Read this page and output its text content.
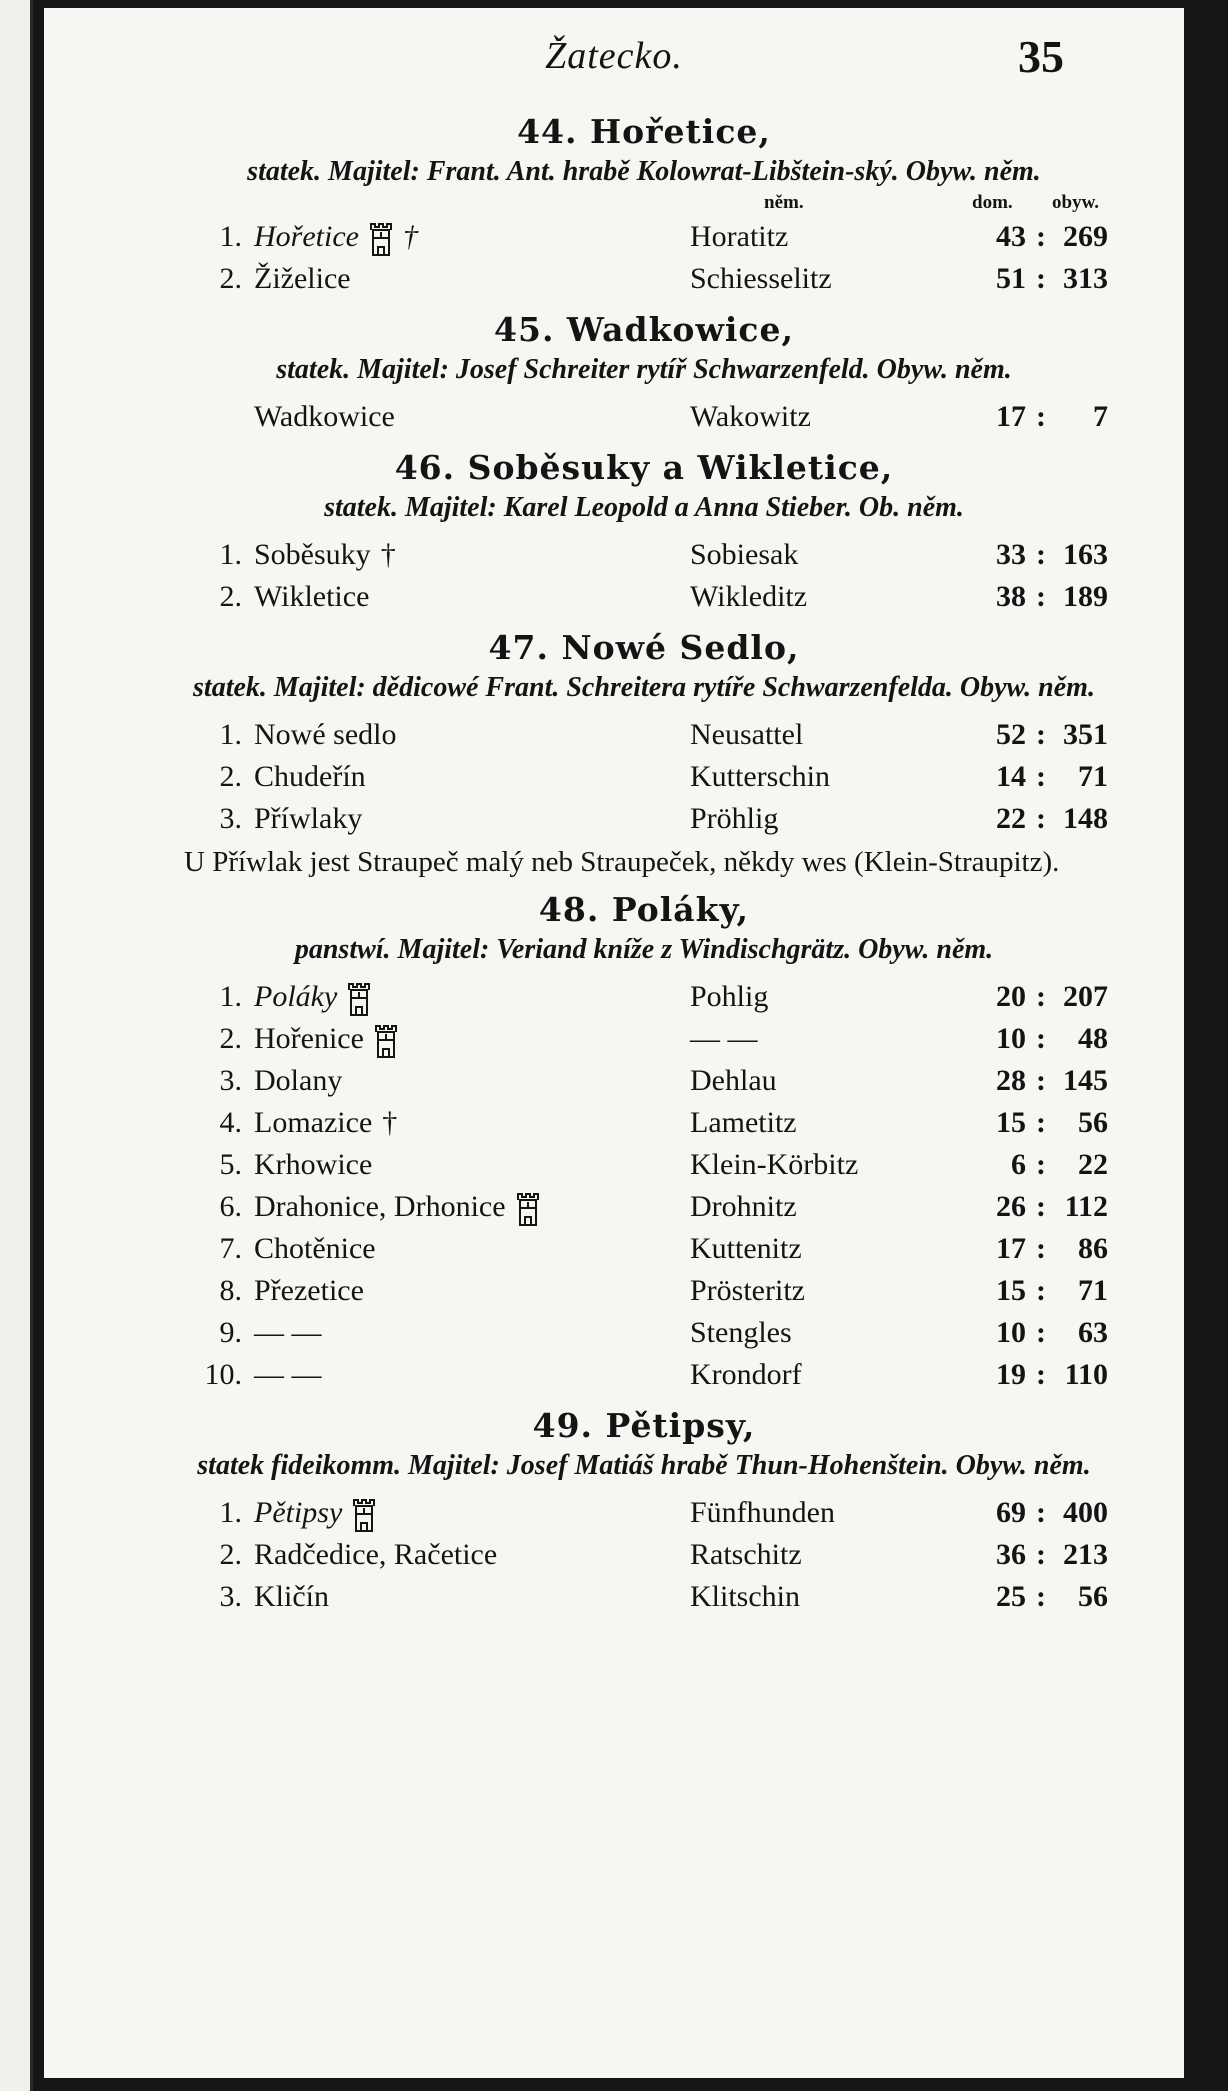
Žatecko.	35
44. Hořetice,
statek. Majitel: Frant. Ant. hrabě Kolowrat-Libštein-ský. Obyw. něm.
něm.	dom. obyw.
1. Hořetice †	Horatitz	43 : 269
2. Žiželice	Schiesselitz	51 : 313
45. Wadkowice,
statek. Majitel: Josef Schreiter rytíř Schwarzenfeld. Obyw. něm.
Wadkowice	Wakowitz	17 :	7
46. Soběsuky a Wikletice,
statek. Majitel: Karel Leopold a Anna Stieber. Ob. něm.
1. Soběsuky †	Sobiesak	33 : 163
2. Wikletice	Wikleditz	38 : 189
47. Nowé Sedlo,
statek. Majitel: dědicowé Frant. Schreitera rytíře Schwarzenfelda. Obyw. něm.
1. Nowé sedlo	Neusattel	52 : 351
2. Chudeřín	Kutterschin	14 :	71
3. Příwlaky	Pröhlig	22 : 148
U Příwlak jest Straupeč malý neb Straupeček, někdy wes (Klein-Straupitz).
48. Poláky,
panstwí. Majitel: Veriand kníže z Windischgrätz. Obyw. něm.
1. Poláky	Pohlig	20 : 207
2. Hořenice	— —	10 :	48
3. Dolany	Dehlau	28 : 145
4. Lomazice †	Lametitz	15 :	56
5. Krhowice	Klein-Körbitz	6 :	22
6. Drahonice, Drhonice	Drohnitz	26 : 112
7. Chotěnice	Kuttenitz	17 :	86
8. Přezetice	Prösteritz	15 :	71
9. — —	Stengles	10 :	63
10. — —	Krondorf	19 : 110
49. Pětipsy,
statek fideikomm. Majitel: Josef Matiáš hrabě Thun-Hohenštein. Obyw. něm.
1. Pětipsy	Fünfhunden	69 : 400
2. Radčedice, Račetice	Ratschitz	36 : 213
3. Kličín	Klitschin	25 :	56
